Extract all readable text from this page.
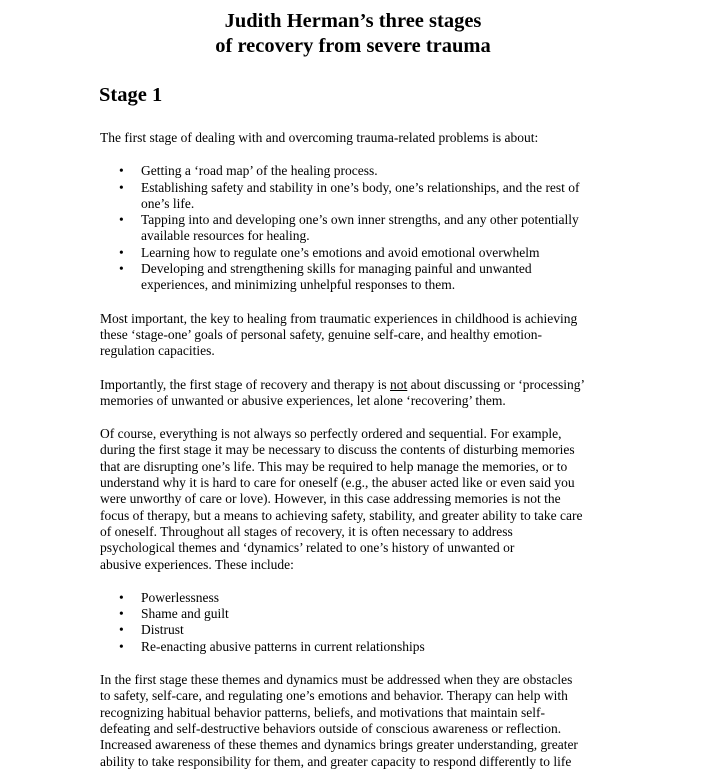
Judith Herman’s three stages
of recovery from severe trauma
Stage 1

The first stage of dealing with and overcoming trauma-related problems is about:

• Getting a ‘road map’ of the healing process.
• Establishing safety and stability in one’s body, one’s relationships, and the rest of
one’s life.
• Tapping into and developing one’s own inner strengths, and any other potentially
available resources for healing.
• Learning how to regulate one’s emotions and avoid emotional overwhelm
• Developing and strengthening skills for managing painful and unwanted
experiences, and minimizing unhelpful responses to them.

Most important, the key to healing from traumatic experiences in childhood is achieving
these ‘stage-one’ goals of personal safety, genuine self-care, and healthy emotion-
regulation capacities.

Importantly, the first stage of recovery and therapy is not about discussing or ‘processing’
memories of unwanted or abusive experiences, let alone ‘recovering’ them.

Of course, everything is not always so perfectly ordered and sequential. For example,
during the first stage it may be necessary to discuss the contents of disturbing memories
that are disrupting one’s life. This may be required to help manage the memories, or to
understand why it is hard to care for oneself (e.g., the abuser acted like or even said you
were unworthy of care or love). However, in this case addressing memories is not the
focus of therapy, but a means to achieving safety, stability, and greater ability to take care
of oneself. Throughout all stages of recovery, it is often necessary to address
psychological themes and ‘dynamics’ related to one’s history of unwanted or
abusive experiences. These include:

• Powerlessness
• Shame and guilt
• Distrust
• Re-enacting abusive patterns in current relationships

In the first stage these themes and dynamics must be addressed when they are obstacles
to safety, self-care, and regulating one’s emotions and behavior. Therapy can help with
recognizing habitual behavior patterns, beliefs, and motivations that maintain self-
defeating and self-destructive behaviors outside of conscious awareness or reflection.
Increased awareness of these themes and dynamics brings greater understanding, greater
ability to take responsibility for them, and greater capacity to respond differently to life
